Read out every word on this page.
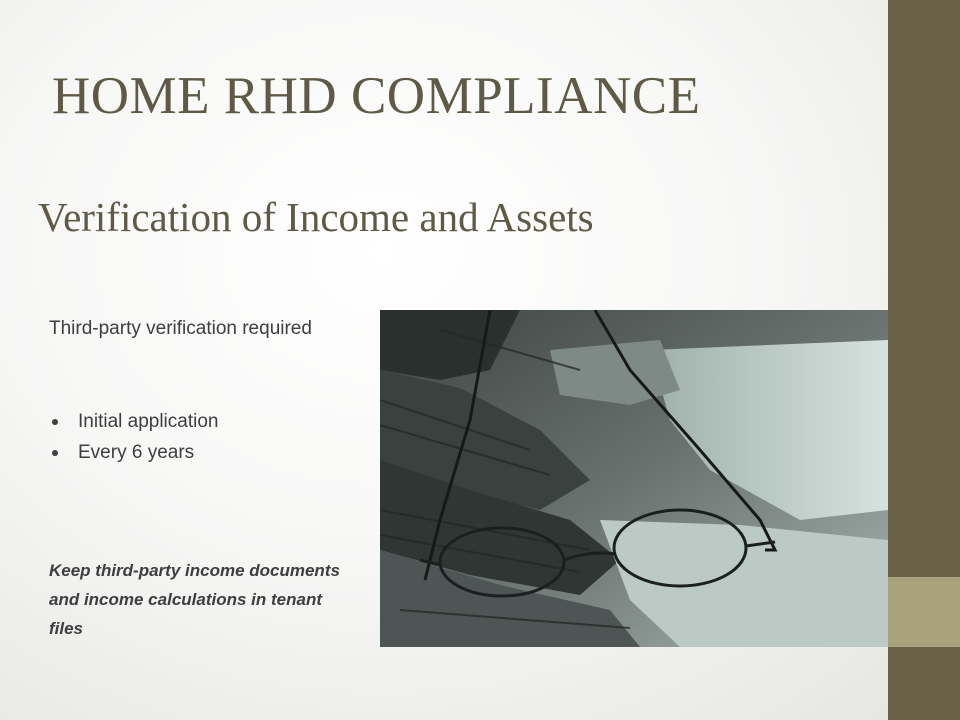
HOME RHD COMPLIANCE
Verification of Income and Assets
Third-party verification required
Initial application
Every 6 years
Keep third-party income documents and income calculations in tenant files
